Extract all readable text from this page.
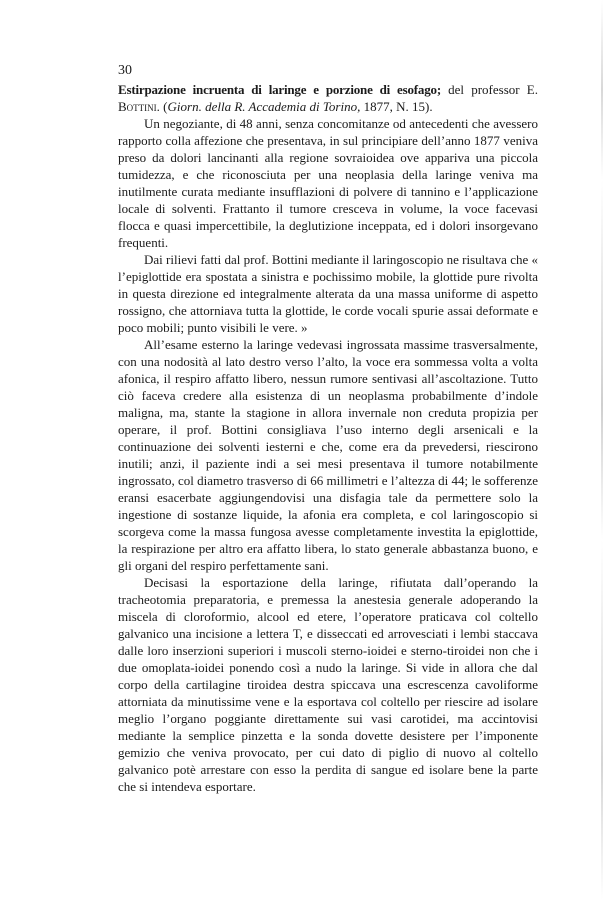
30

Estirpazione incruenta di laringe e porzione di esofago; del professor E. Bottini. (Giorn. della R. Accademia di Torino, 1877, N. 15).

Un negoziante, di 48 anni, senza concomitanze od antecedenti che avessero rapporto colla affezione che presentava, in sul principiare dell’anno 1877 veniva preso da dolori lancinanti alla regione sovraioidea ove appariva una piccola tumidezza, e che riconosciuta per una neoplasia della laringe veniva ma inutilmente curata mediante insufflazioni di polvere di tannino e l’applicazione locale di solventi. Frattanto il tumore cresceva in volume, la voce facevasi flocca e quasi impercettibile, la deglutizione inceppata, ed i dolori insorgevano frequenti.

Dai rilievi fatti dal prof. Bottini mediante il laringoscopio ne risultava che « l’epiglottide era spostata a sinistra e pochissimo mobile, la glottide pure rivolta in questa direzione ed integralmente alterata da una massa uniforme di aspetto rossigno, che attorniava tutta la glottide, le corde vocali spurie assai deformate e poco mobili; punto visibili le vere. »

All’esame esterno la laringe vedevasi ingrossata massime trasversalmente, con una nodosità al lato destro verso l’alto, la voce era sommessa volta a volta afonica, il respiro affatto libero, nessun rumore sentivasi all’ascoltazione. Tutto ciò faceva credere alla esistenza di un neoplasma probabilmente d’indole maligna, ma, stante la stagione in allora invernale non creduta propizia per operare, il prof. Bottini consigliava l’uso interno degli arsenicali e la continuazione dei solventi iesterni e che, come era da prevedersi, riescirono inutili; anzi, il paziente indi a sei mesi presentava il tumore notabilmente ingrossato, col diametro trasverso di 66 millimetri e l’altezza di 44; le sofferenze eransi esacerbate aggiungendovisi una disfagia tale da permettere solo la ingestione di sostanze liquide, la afonia era completa, e col laringoscopio si scorgeva come la massa fungosa avesse completamente investita la epiglottide, la respirazione per altro era affatto libera, lo stato generale abbastanza buono, e gli organi del respiro perfettamente sani.

Decisasi la esportazione della laringe, rifiutata dall’operando la tracheotomia preparatoria, e premessa la anestesia generale adoperando la miscela di cloroformio, alcool ed etere, l’operatore praticava col coltello galvanico una incisione a lettera T, e disseccati ed arrovesciati i lembi staccava dalle loro inserzioni superiori i muscoli sterno-ioidei e sterno-tiroidei non che i due omoplata-ioidei ponendo così a nudo la laringe. Si vide in allora che dal corpo della cartilagine tiroidea destra spiccava una escrescenza cavoliforme attorniata da minutissime vene e la esportava col coltello per riescire ad isolare meglio l’organo poggiante direttamente sui vasi carotidei, ma accintovisi mediante la semplice pinzetta e la sonda dovette desistere per l’imponente gemizio che veniva provocato, per cui dato di piglio di nuovo al coltello galvanico potè arrestare con esso la perdita di sangue ed isolare bene la parte che si intendeva esportare.
